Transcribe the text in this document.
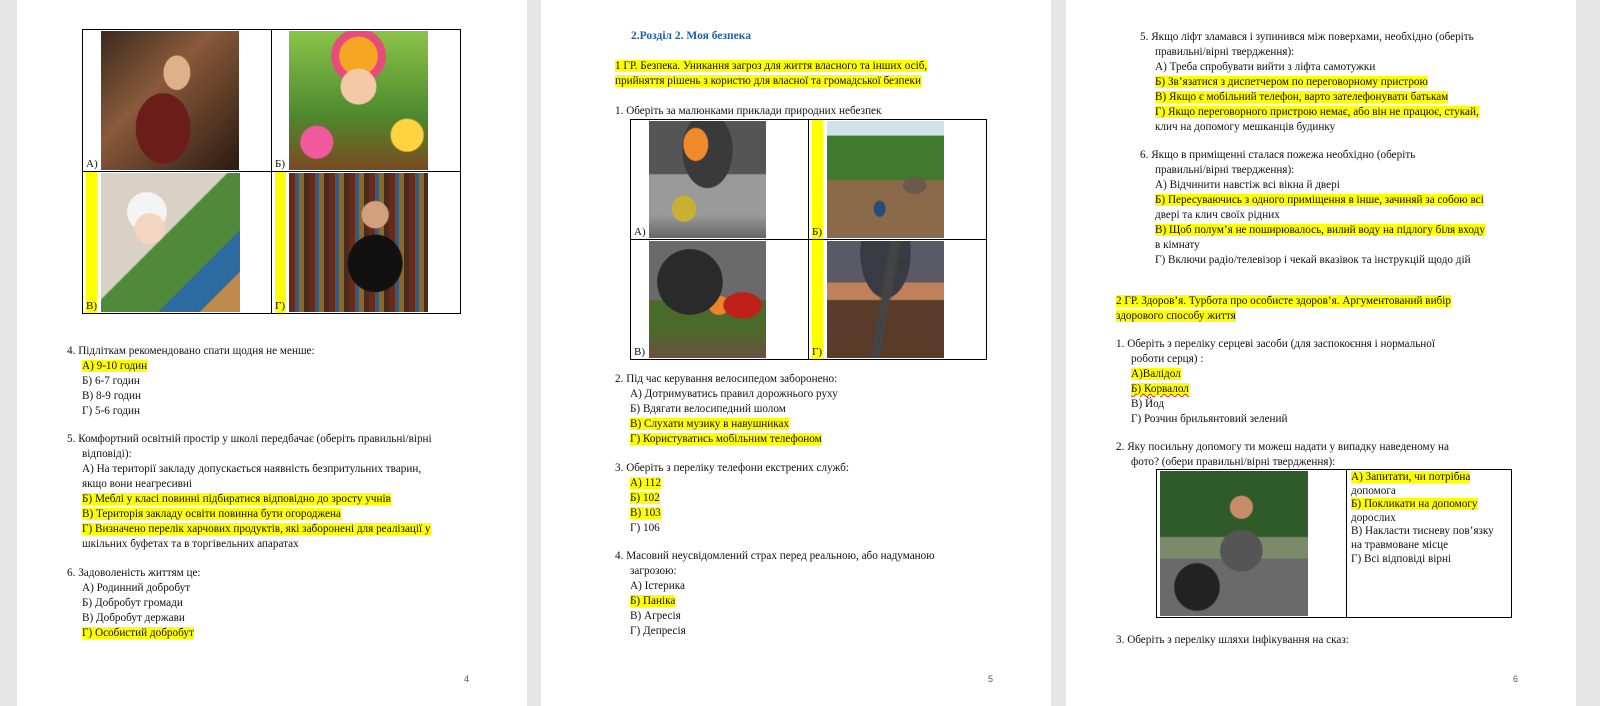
А)	Б)

В)	Г)
4. Підліткам рекомендовано спати щодня не менше:
А) 9-10 годин
Б) 6-7 годин
В) 8-9 годин
Г) 5-6 годин
5. Комфортний освітній простір у школі передбачає (оберіть правильні/вірні
відповіді):
А) На території закладу допускається наявність безпритульних тварин,
якщо вони неагресивні
Б) Меблі у класі повинні підбиратися відповідно до зросту учнів
В) Територія закладу освіти повинна бути огороджена
Г) Визначено перелік харчових продуктів, які заборонені для реалізації у
шкільних буфетах та в торгівельних апаратах
6. Задоволеність життям це:
А) Родинний добробут
Б) Добробут громади
В) Добробут держави
Г) Особистий добробут
4
2.Розділ 2. Моя безпека
1 ГР. Безпека. Уникання загроз для життя власного та інших осіб,
прийняття рішень з користю для власної та громадської безпеки
1. Оберіть за малюнками приклади природних небезпек
А)	Б)

В)	Г)
2. Під час керування велосипедом заборонено:
А) Дотримуватись правил дорожнього руху
Б) Вдягати велосипедний шолом
В) Слухати музику в навушниках
Г) Користуватись мобільним телефоном
3. Оберіть з переліку телефони екстрених служб:
А) 112
Б) 102
В) 103
Г) 106
4. Масовий неусвідомлений страх перед реальною, або надуманою
загрозою:
А) Істерика
Б) Паніка
В) Агресія
Г) Депресія
5
5. Якщо ліфт зламався і зупинився між поверхами, необхідно (оберіть
правильні/вірні твердження):
А) Треба спробувати вийти з ліфта самотужки
Б) Зв’язатися з диспетчером по переговорному пристрою
В) Якщо є мобільний телефон, варто зателефонувати батькам
Г) Якщо переговорного пристрою немає, або він не працює, стукай,
клич на допомогу мешканців будинку
6. Якщо в приміщенні сталася пожежа необхідно (оберіть
правильні/вірні твердження):
А) Відчинити навстіж всі вікна й двері
Б) Пересуваючись з одного приміщення в інше, зачиняй за собою всі
двері та клич своїх рідних
В) Щоб полум’я не поширювалось, вилий воду на підлогу біля входу
в кімнату
Г) Включи радіо/телевізор і чекай вказівок та інструкцій щодо дій
2 ГР. Здоров’я. Турбота про особисте здоров’я. Аргументований вибір
здорового способу життя
1. Оберіть з переліку серцеві засоби (для заспокоєння і нормальної
роботи серця) :
А)Валідол
Б) Корвалол
В) Йод
Г) Розчин брильянтовий зелений
2. Яку посильну допомогу ти можеш надати у випадку наведеному на
фото? (обери правильні/вірні твердження):

А) Запитати, чи потрібна
допомога
Б) Покликати на допомогу
дорослих
В) Накласти тисневу пов’язку
на травмоване місце
Г) Всі відповіді вірні
3. Оберіть з переліку шляхи інфікування на сказ:
6
